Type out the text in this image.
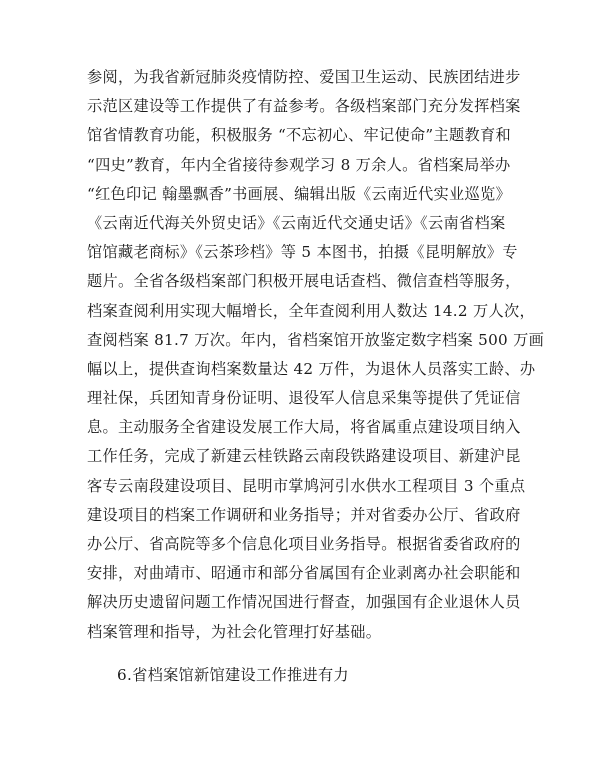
参阅，为我省新冠肺炎疫情防控、爱国卫生运动、民族团结进步
示范区建设等工作提供了有益参考。各级档案部门充分发挥档案
馆省情教育功能，积极服务 “不忘初心、牢记使命”主题教育和
“四史”教育，年内全省接待参观学习 8 万余人。省档案局举办
“红色印记 翰墨飘香”书画展、编辑出版《云南近代实业巡览》
《云南近代海关外贸史话》《云南近代交通史话》《云南省档案
馆馆藏老商标》《云茶珍档》等 5 本图书，拍摄《昆明解放》专
题片。全省各级档案部门积极开展电话查档、微信查档等服务，
档案查阅利用实现大幅增长，全年查阅利用人数达 14.2 万人次，
查阅档案 81.7 万次。年内，省档案馆开放鉴定数字档案 500 万画
幅以上，提供查询档案数量达 42 万件，为退休人员落实工龄、办
理社保，兵团知青身份证明、退役军人信息采集等提供了凭证信
息。主动服务全省建设发展工作大局，将省属重点建设项目纳入
工作任务，完成了新建云桂铁路云南段铁路建设项目、新建沪昆
客专云南段建设项目、昆明市掌鸠河引水供水工程项目 3 个重点
建设项目的档案工作调研和业务指导；并对省委办公厅、省政府
办公厅、省高院等多个信息化项目业务指导。根据省委省政府的
安排，对曲靖市、昭通市和部分省属国有企业剥离办社会职能和
解决历史遗留问题工作情况国进行督查，加强国有企业退休人员
档案管理和指导，为社会化管理打好基础。
6.省档案馆新馆建设工作推进有力
